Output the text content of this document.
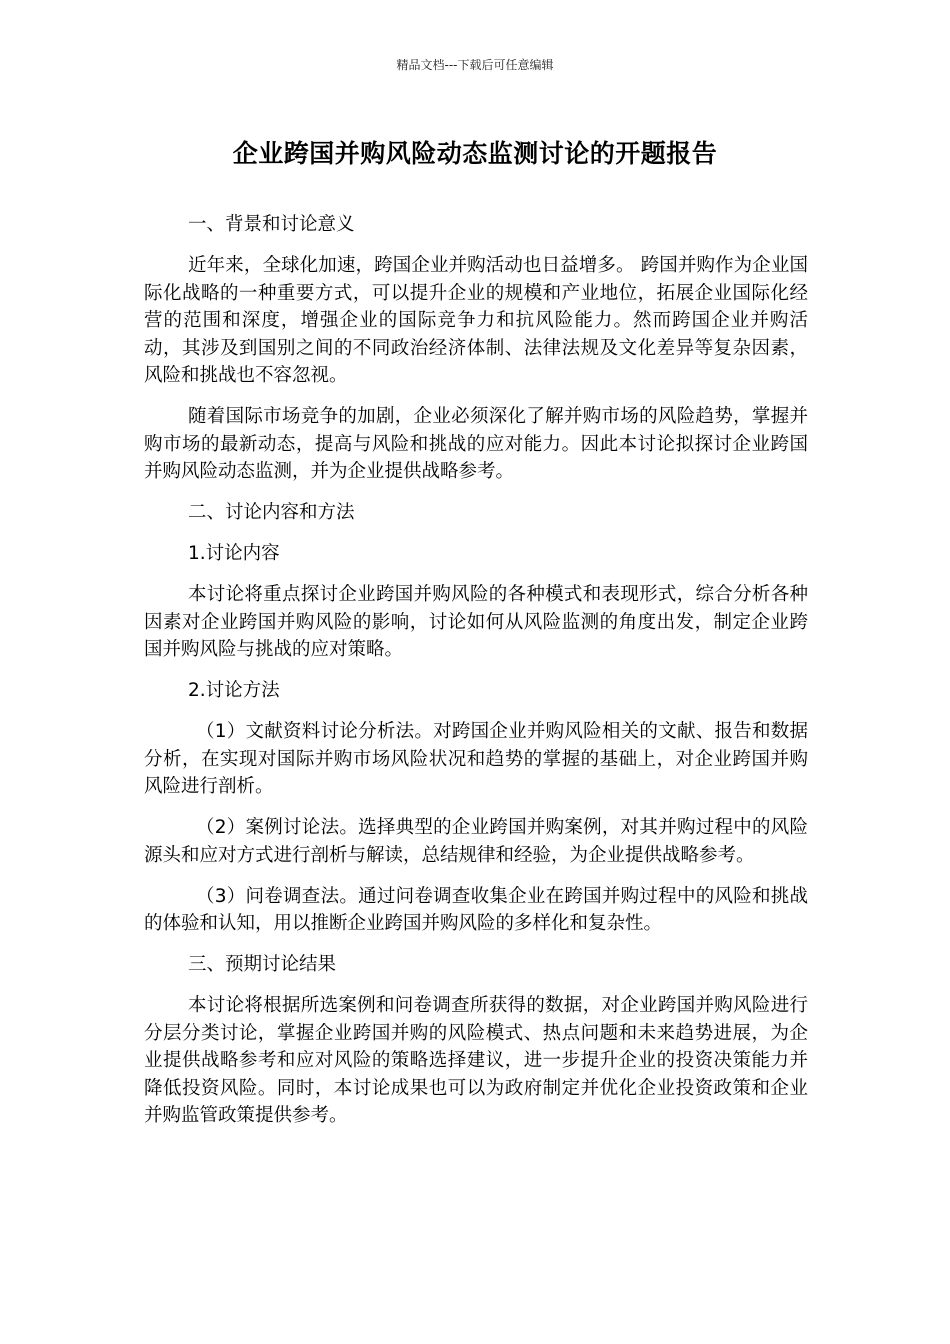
精品文档---下载后可任意编辑
企业跨国并购风险动态监测讨论的开题报告

一、背景和讨论意义

近年来，全球化加速，跨国企业并购活动也日益增多。 跨国并购作为企业国际化战略的一种重要方式，可以提升企业的规模和产业地位，拓展企业国际化经营的范围和深度，增强企业的国际竞争力和抗风险能力。然而跨国企业并购活动，其涉及到国别之间的不同政治经济体制、法律法规及文化差异等复杂因素，风险和挑战也不容忽视。

随着国际市场竞争的加剧，企业必须深化了解并购市场的风险趋势，掌握并购市场的最新动态，提高与风险和挑战的应对能力。因此本讨论拟探讨企业跨国并购风险动态监测，并为企业提供战略参考。

二、讨论内容和方法

1.讨论内容

本讨论将重点探讨企业跨国并购风险的各种模式和表现形式，综合分析各种因素对企业跨国并购风险的影响，讨论如何从风险监测的角度出发，制定企业跨国并购风险与挑战的应对策略。

2.讨论方法

（1）文献资料讨论分析法。对跨国企业并购风险相关的文献、报告和数据分析，在实现对国际并购市场风险状况和趋势的掌握的基础上，对企业跨国并购风险进行剖析。

（2）案例讨论法。选择典型的企业跨国并购案例，对其并购过程中的风险源头和应对方式进行剖析与解读，总结规律和经验，为企业提供战略参考。

（3）问卷调查法。通过问卷调查收集企业在跨国并购过程中的风险和挑战的体验和认知，用以推断企业跨国并购风险的多样化和复杂性。

三、预期讨论结果

本讨论将根据所选案例和问卷调查所获得的数据，对企业跨国并购风险进行分层分类讨论，掌握企业跨国并购的风险模式、热点问题和未来趋势进展，为企业提供战略参考和应对风险的策略选择建议，进一步提升企业的投资决策能力并降低投资风险。同时，本讨论成果也可以为政府制定并优化企业投资政策和企业并购监管政策提供参考。
